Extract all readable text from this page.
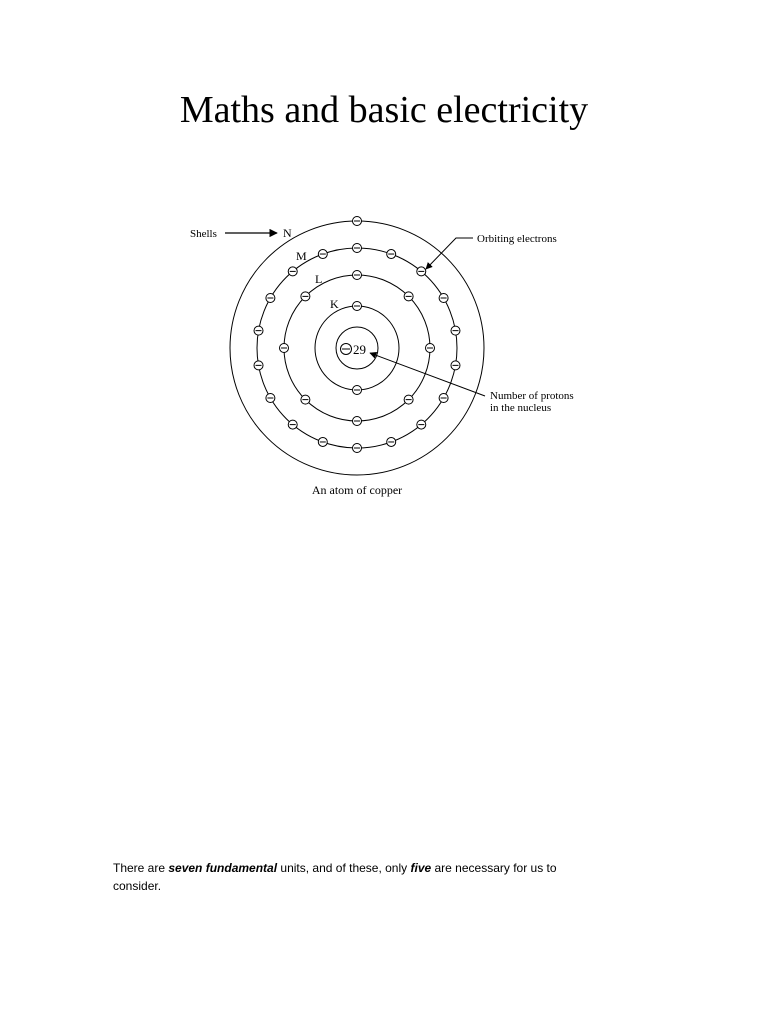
Maths and basic electricity
29
N
M
L
K
Shells	Orbiting electrons
Number of protons
in the nucleus
An atom of copper
There are seven fundamental units, and of these, only five are necessary for us to consider.
